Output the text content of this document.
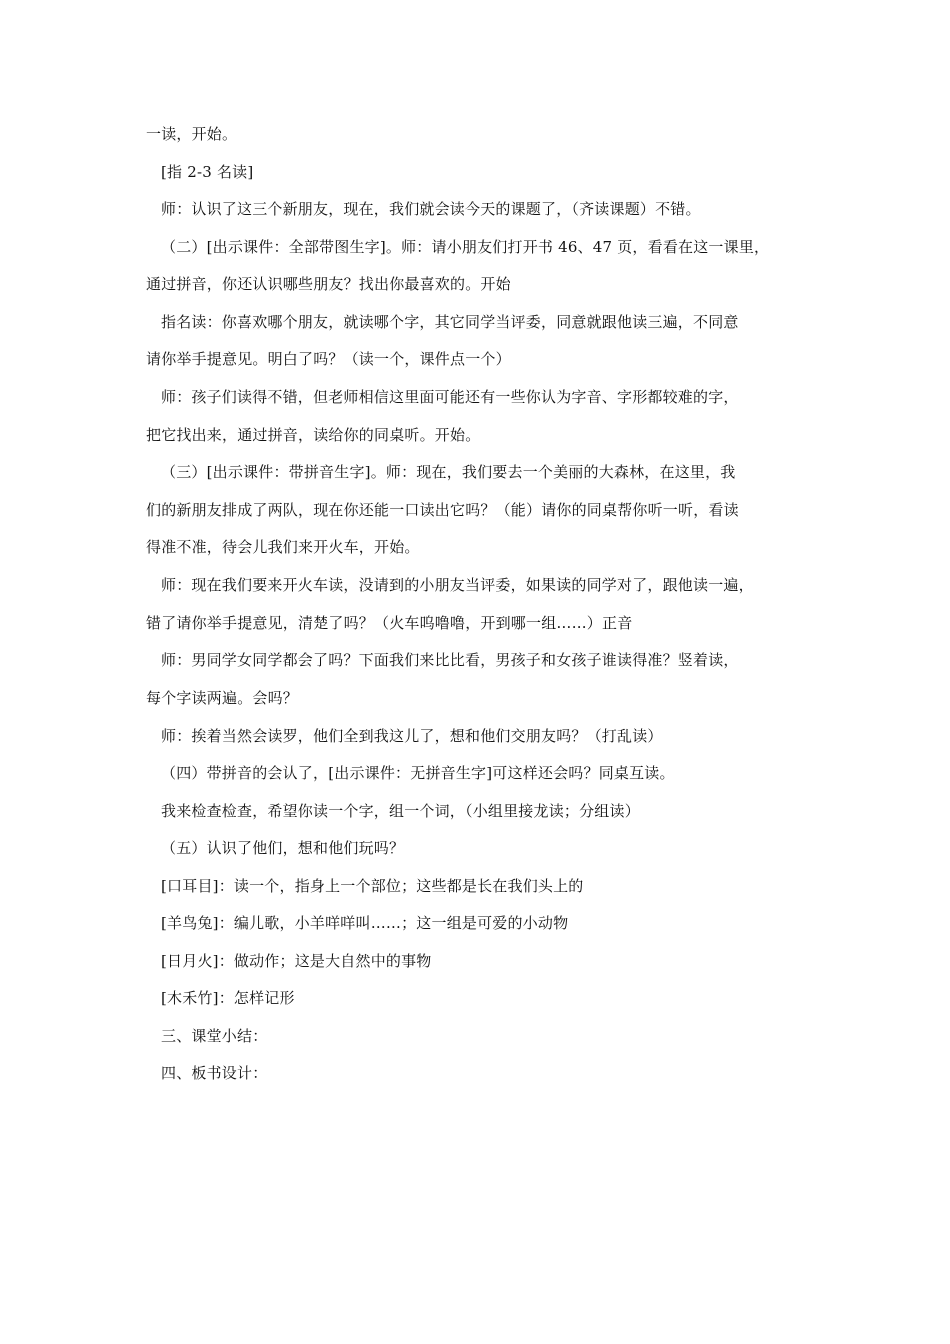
一读，开始。
[指 2-3 名读]
师：认识了这三个新朋友，现在，我们就会读今天的课题了，（齐读课题）不错。
（二）[出示课件：全部带图生字]。师：请小朋友们打开书 46、47 页，看看在这一课里，
通过拼音，你还认识哪些朋友？找出你最喜欢的。开始
指名读：你喜欢哪个朋友，就读哪个字，其它同学当评委，同意就跟他读三遍，不同意
请你举手提意见。明白了吗？（读一个，课件点一个）
师：孩子们读得不错，但老师相信这里面可能还有一些你认为字音、字形都较难的字，
把它找出来，通过拼音，读给你的同桌听。开始。
（三）[出示课件：带拼音生字]。师：现在，我们要去一个美丽的大森林，在这里，我
们的新朋友排成了两队，现在你还能一口读出它吗？（能）请你的同桌帮你听一听，看读
得准不准，待会儿我们来开火车，开始。
师：现在我们要来开火车读，没请到的小朋友当评委，如果读的同学对了，跟他读一遍，
错了请你举手提意见，清楚了吗？（火车呜噜噜，开到哪一组……）正音
师：男同学女同学都会了吗？下面我们来比比看，男孩子和女孩子谁读得准？竖着读，
每个字读两遍。会吗？
师：挨着当然会读罗，他们全到我这儿了，想和他们交朋友吗？（打乱读）
（四）带拼音的会认了，[出示课件：无拼音生字]可这样还会吗？同桌互读。
我来检查检查，希望你读一个字，组一个词，（小组里接龙读；分组读）
（五）认识了他们，想和他们玩吗？
[口耳目]：读一个，指身上一个部位；这些都是长在我们头上的
[羊鸟兔]：编儿歌，小羊咩咩叫……；这一组是可爱的小动物
[日月火]：做动作；这是大自然中的事物
[木禾竹]：怎样记形
三、课堂小结：
四、板书设计：
